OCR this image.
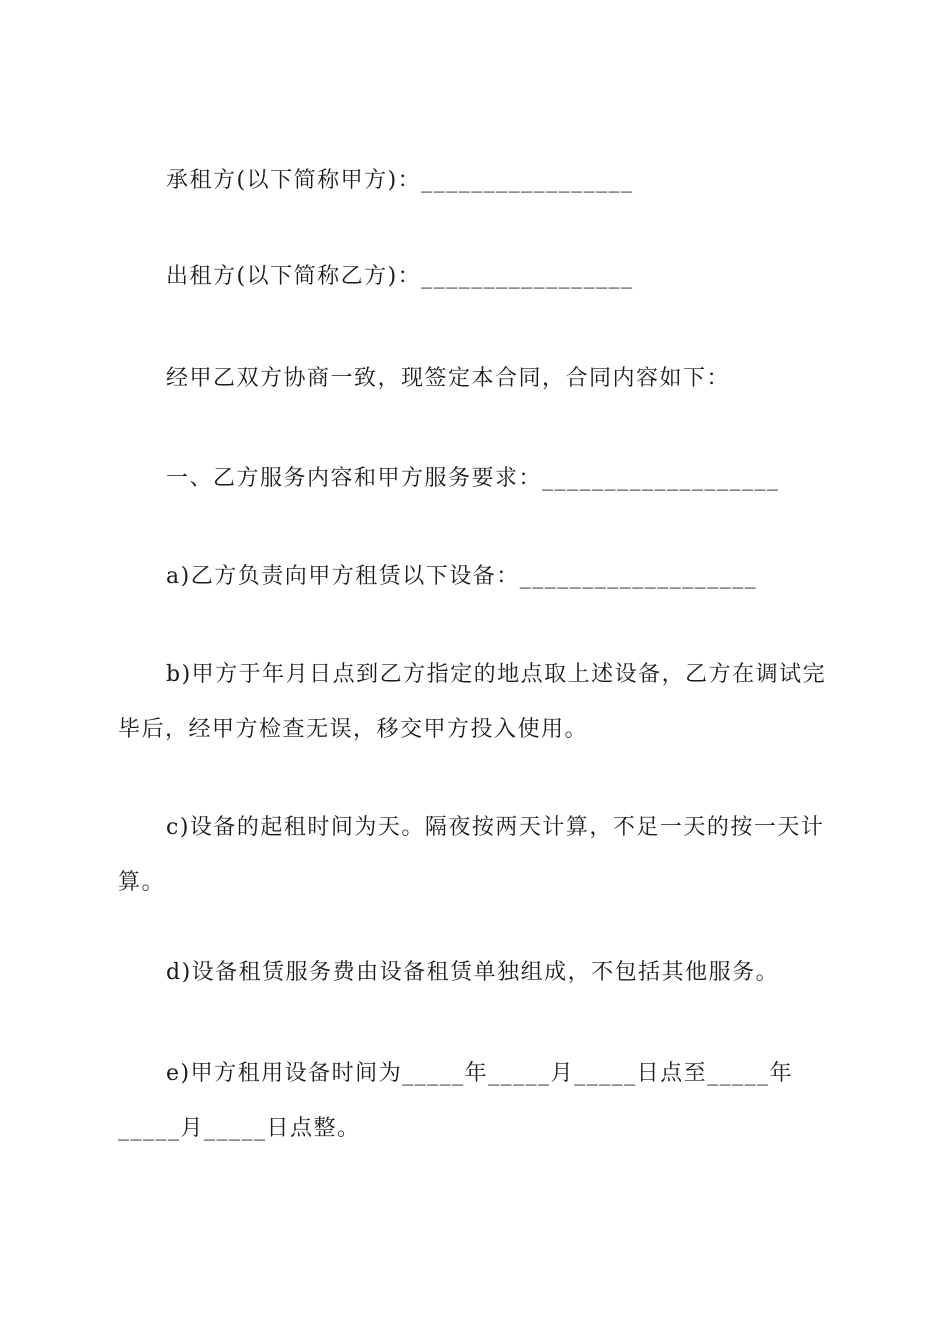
承租方(以下简称甲方)：_________________
出租方(以下简称乙方)：_________________
经甲乙双方协商一致，现签定本合同，合同内容如下：
一、乙方服务内容和甲方服务要求：___________________
a)乙方负责向甲方租赁以下设备：___________________
b)甲方于年月日点到乙方指定的地点取上述设备，乙方在调试完毕后，经甲方检查无误，移交甲方投入使用。
c)设备的起租时间为天。隔夜按两天计算，不足一天的按一天计算。
d)设备租赁服务费由设备租赁单独组成，不包括其他服务。
e)甲方租用设备时间为_____年_____月_____日点至_____年_____月_____日点整。
